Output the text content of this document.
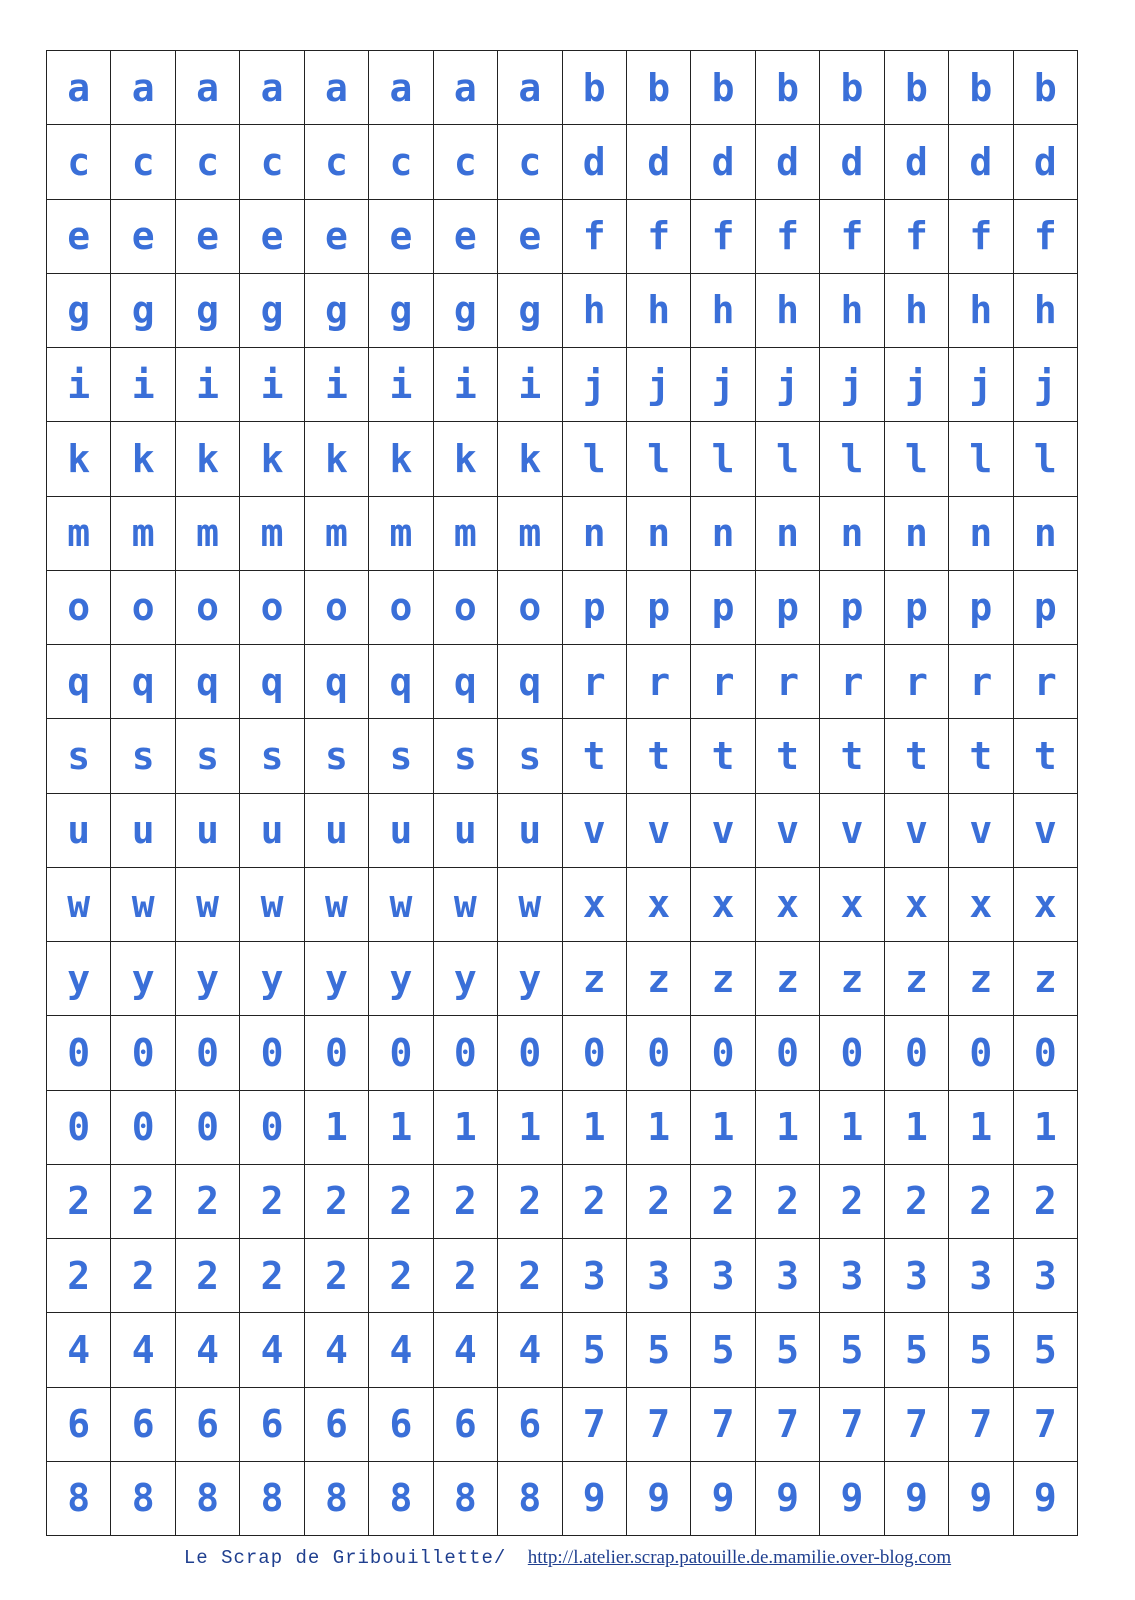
a	a	a	a	a	a	a	a	b	b	b	b	b	b	b	b
c	c	c	c	c	c	c	c	d	d	d	d	d	d	d	d
e	e	e	e	e	e	e	e	f	f	f	f	f	f	f	f
g	g	g	g	g	g	g	g	h	h	h	h	h	h	h	h
i	i	i	i	i	i	i	i	j	j	j	j	j	j	j	j
k	k	k	k	k	k	k	k	l	l	l	l	l	l	l	l
m	m	m	m	m	m	m	m	n	n	n	n	n	n	n	n
o	o	o	o	o	o	o	o	p	p	p	p	p	p	p	p
q	q	q	q	q	q	q	q	r	r	r	r	r	r	r	r
s	s	s	s	s	s	s	s	t	t	t	t	t	t	t	t
u	u	u	u	u	u	u	u	v	v	v	v	v	v	v	v
w	w	w	w	w	w	w	w	x	x	x	x	x	x	x	x
y	y	y	y	y	y	y	y	z	z	z	z	z	z	z	z
0	0	0	0	0	0	0	0	0	0	0	0	0	0	0	0
0	0	0	0	1	1	1	1	1	1	1	1	1	1	1	1
2	2	2	2	2	2	2	2	2	2	2	2	2	2	2	2
2	2	2	2	2	2	2	2	3	3	3	3	3	3	3	3
4	4	4	4	4	4	4	4	5	5	5	5	5	5	5	5
6	6	6	6	6	6	6	6	7	7	7	7	7	7	7	7
8	8	8	8	8	8	8	8	9	9	9	9	9	9	9	9
Le Scrap de Gribouillette/ http://l.atelier.scrap.patouille.de.mamilie.over-blog.com
